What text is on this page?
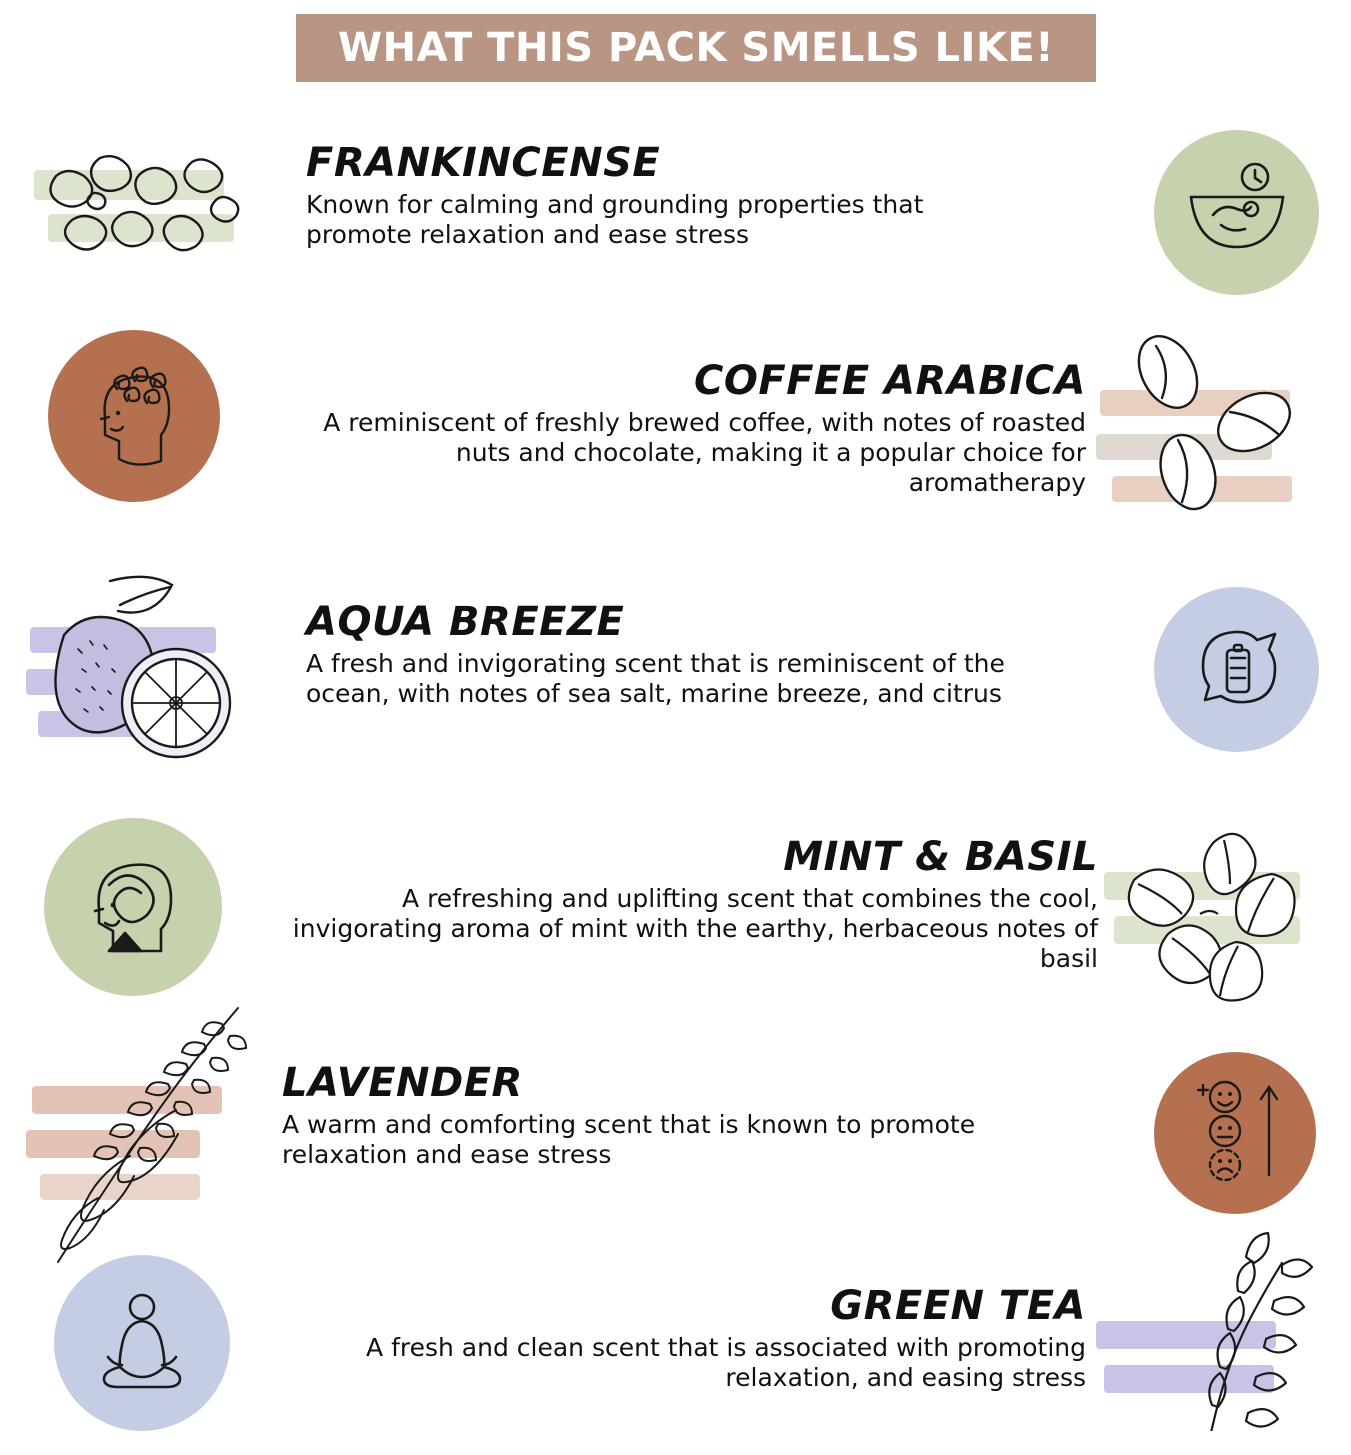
WHAT THIS PACK SMELLS LIKE!
FRANKINCENSE
Known for calming and grounding properties that promote relaxation and ease stress
COFFEE ARABICA
A reminiscent of freshly brewed coffee, with notes of roasted nuts and chocolate, making it a popular choice for aromatherapy
AQUA BREEZE
A fresh and invigorating scent that is reminiscent of the ocean, with notes of sea salt, marine breeze, and citrus
MINT & BASIL
A refreshing and uplifting scent that combines the cool, invigorating aroma of mint with the earthy, herbaceous notes of basil
LAVENDER
A warm and comforting scent that is known to promote relaxation and ease stress
GREEN TEA
A fresh and clean scent that is associated with promoting relaxation, and easing stress
